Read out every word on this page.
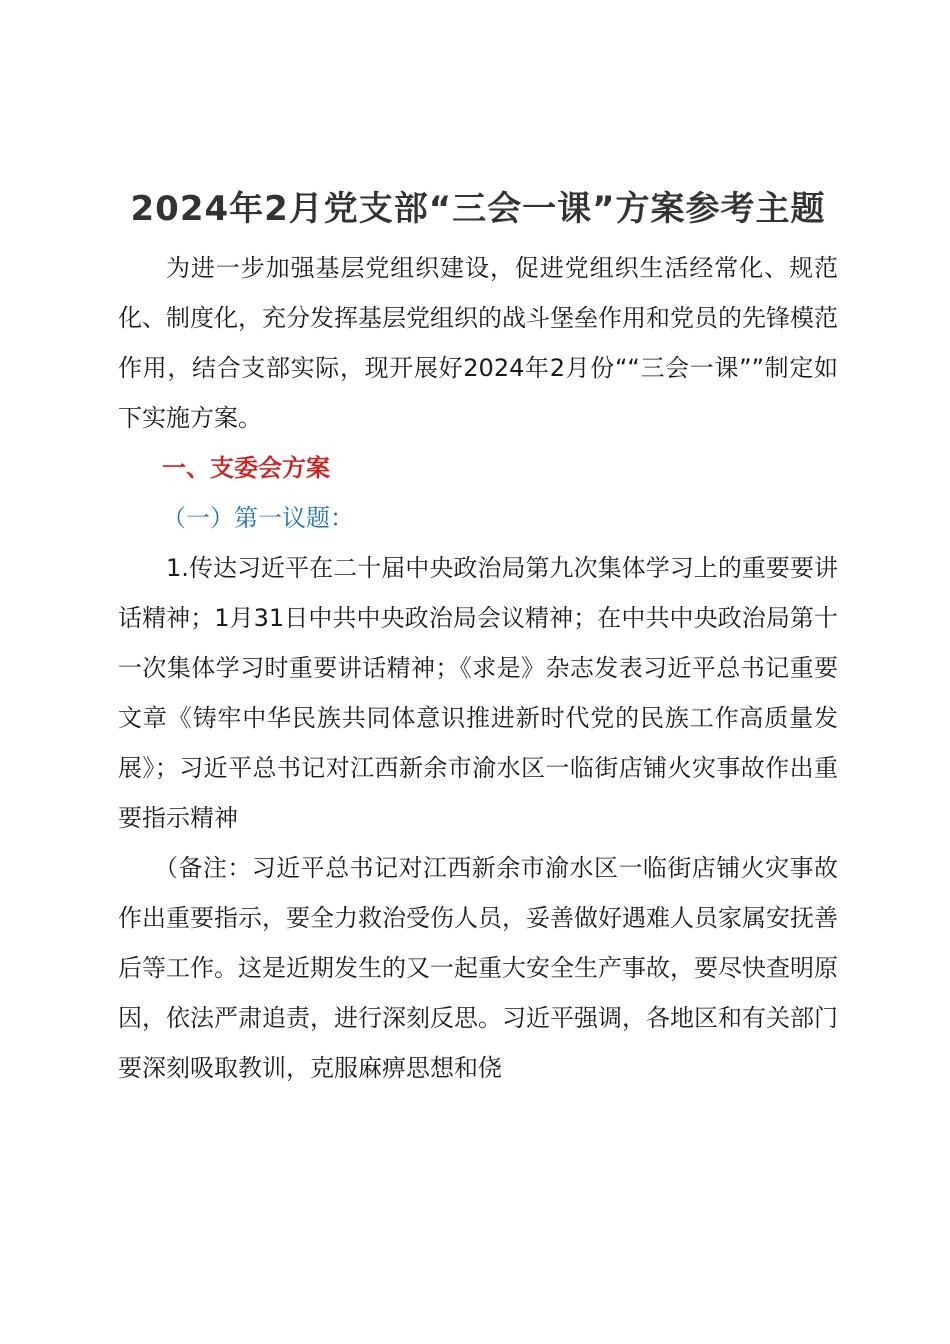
2024年2月党支部“三会一课”方案参考主题

为进一步加强基层党组织建设，促进党组织生活经常化、规范化、制度化，充分发挥基层党组织的战斗堡垒作用和党员的先锋模范作用，结合支部实际，现开展好2024年2月份““三会一课””制定如下实施方案。

一、支委会方案

（一）第一议题：

1.传达习近平在二十届中央政治局第九次集体学习上的重要要讲话精神；1月31日中共中央政治局会议精神；在中共中央政治局第十一次集体学习时重要讲话精神；《求是》杂志发表习近平总书记重要文章《铸牢中华民族共同体意识推进新时代党的民族工作高质量发展》；习近平总书记对江西新余市渝水区一临街店铺火灾事故作出重要指示精神

（备注：习近平总书记对江西新余市渝水区一临街店铺火灾事故作出重要指示，要全力救治受伤人员，妥善做好遇难人员家属安抚善后等工作。这是近期发生的又一起重大安全生产事故，要尽快查明原因，依法严肃追责，进行深刻反思。习近平强调，各地区和有关部门要深刻吸取教训，克服麻痹思想和侥
